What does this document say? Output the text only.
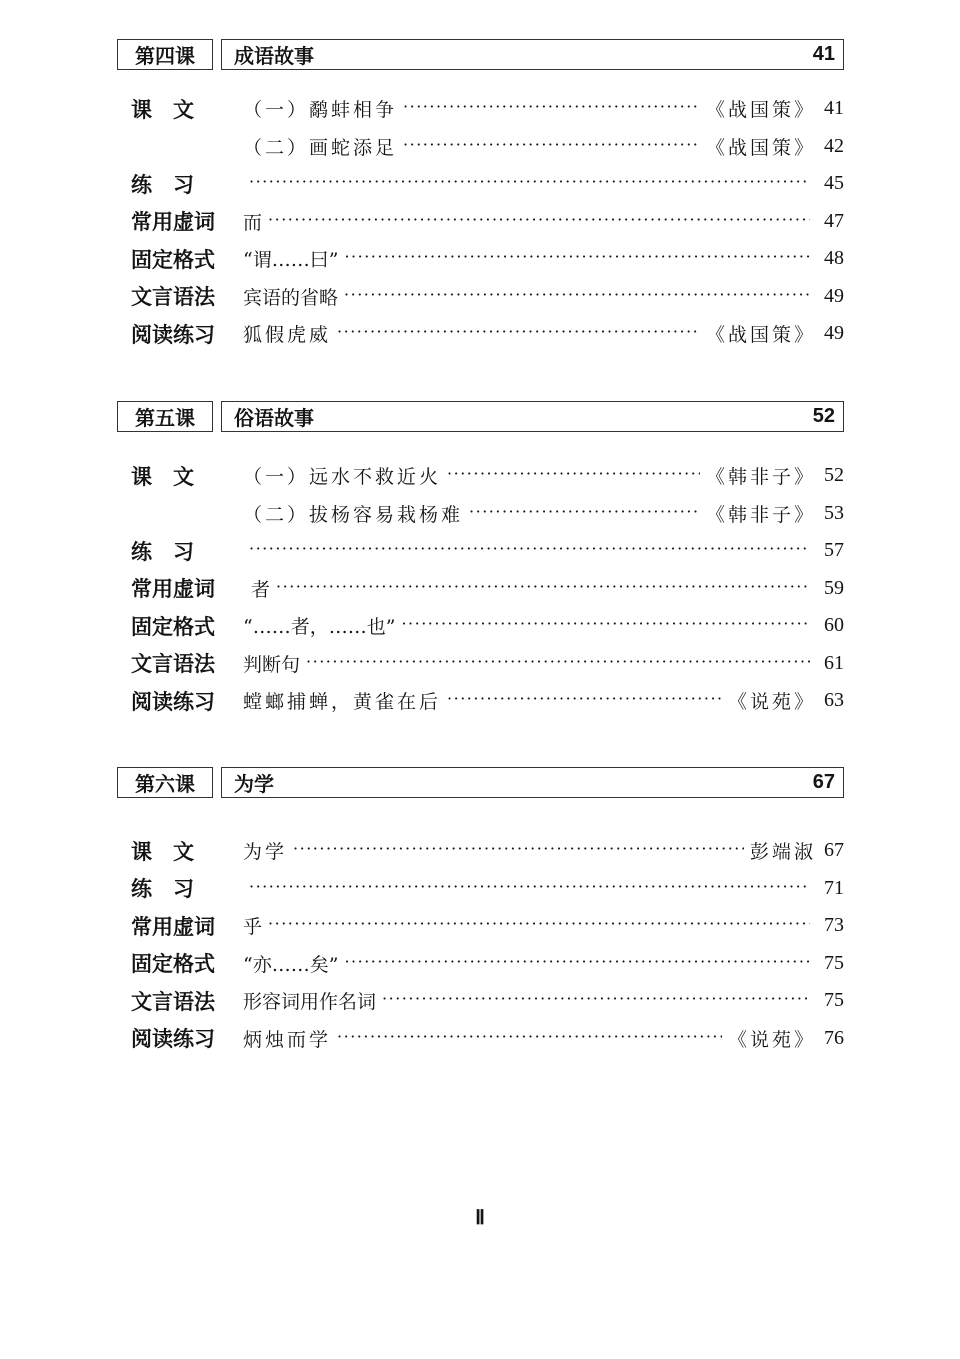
第四课	成语故事	41
课　文	（一）鹬蚌相争 ·····	《战国策》 41
（二）画蛇添足 ·····	《战国策》 42
练　习 ·····	45
常用虚词	而 ·····	47
固定格式	“谓……曰” ·····	48
文言语法	宾语的省略 ·····	49
阅读练习	狐假虎威 ·····	《战国策》 49
第五课	俗语故事	52
课　文	（一）远水不救近火 ·····	《韩非子》 52
（二）拔杨容易栽杨难 ·····	《韩非子》 53
练　习 ·····	57
常用虚词	者 ·····	59
固定格式	“……者，……也” ·····	60
文言语法	判断句 ·····	61
阅读练习	螳螂捕蝉，黄雀在后 ·····	《说苑》 63
第六课	为学	67
课　文	为学 ·····	彭端淑 67
练　习 ·····	71
常用虚词	乎 ·····	73
固定格式	“亦……矣” ·····	75
文言语法	形容词用作名词 ·····	75
阅读练习	炳烛而学 ·····	《说苑》 76
Ⅱ
